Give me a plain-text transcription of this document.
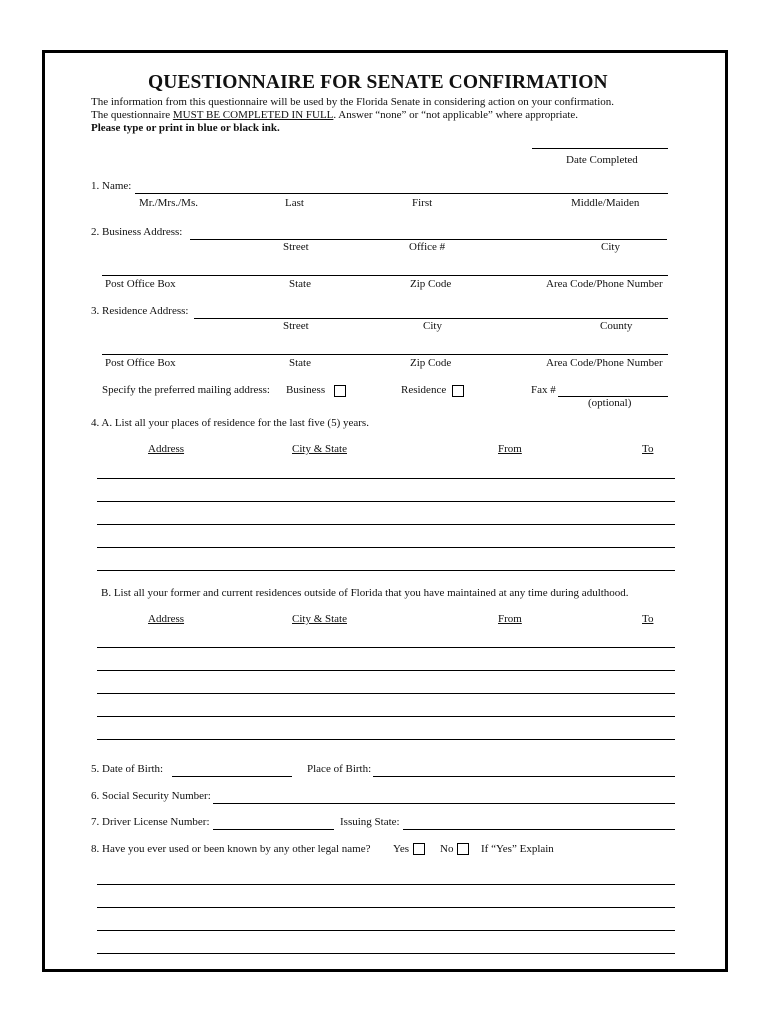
QUESTIONNAIRE FOR SENATE CONFIRMATION
The information from this questionnaire will be used by the Florida Senate in considering action on your confirmation.
The questionnaire MUST BE COMPLETED IN FULL. Answer “none” or “not applicable” where appropriate.
Please type or print in blue or black ink.
Date Completed
1. Name:
Mr./Mrs./Ms.	Last	First	Middle/Maiden
2. Business Address:
Street	Office #	City
Post Office Box	State	Zip Code	Area Code/Phone Number
3. Residence Address:
Street	City	County
Post Office Box	State	Zip Code	Area Code/Phone Number
Specify the preferred mailing address: Business	Residence	Fax #
(optional)
4. A. List all your places of residence for the last five (5) years.
Address	City & State	From	To
B. List all your former and current residences outside of Florida that you have maintained at any time during adulthood.
Address	City & State	From	To
5. Date of Birth:	Place of Birth:
6. Social Security Number:
7. Driver License Number:	Issuing State:
8. Have you ever used or been known by any other legal name? Yes	No	If “Yes” Explain
